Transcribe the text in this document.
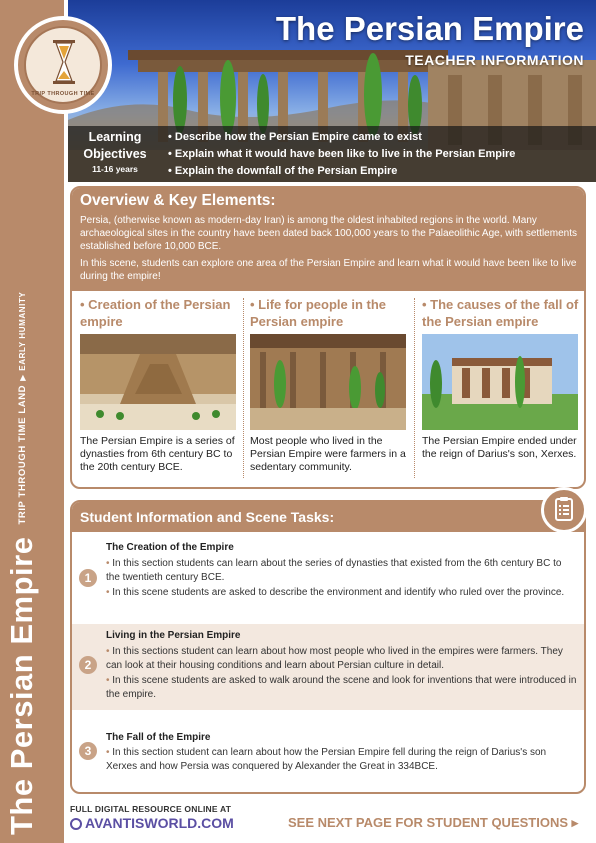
The Persian Empire
TRIP THROUGH TIME LAND
▶
EARLY HUMANITY
The Persian Empire
TEACHER INFORMATION
TRIP THROUGH TIME
Learning
Objectives
11-16 years
• Describe how the Persian Empire came to exist
• Explain what it would have been like to live in the Persian Empire
• Explain the downfall of the Persian Empire
Overview & Key Elements:

Persia, (otherwise known as modern-day Iran) is among the oldest inhabited regions in the world. Many archaeological sites in the country have been dated back 100,000 years to the Palaeolithic Age, with settlements established before 10,000 BCE.

In this scene, students can explore one area of the Persian Empire and learn what it would have been like to live during the empire!

• Creation of the Persian empire
The Persian Empire is a series of dynasties from 6th century BC to the 20th century BCE.
• Life for people in the Persian empire
Most people who lived in the Persian Empire were farmers in a sedentary community.
• The causes of the fall of the Persian empire
The Persian Empire ended under the reign of Darius's son, Xerxes.
Student Information and Scene Tasks:
1
The Creation of the Empire
• In this section students can learn about the series of dynasties that existed from the 6th century BC to the twentieth century BCE.
• In this scene students are asked to describe the environment and identify who ruled over the province.
2
Living in the Persian Empire
• In this sections student can learn about how most people who lived in the empires were farmers. They can look at their housing conditions and learn about Persian culture in detail.
• In this scene students are asked to walk around the scene and look for inventions that were introduced in the empire.
3
The Fall of the Empire
• In this section student can learn about how the Persian Empire fell during the reign of Darius's son Xerxes and how Persia was conquered by Alexander the Great in 334BCE.
FULL DIGITAL RESOURCE ONLINE AT
AVANTISWORLD.COM	SEE NEXT PAGE FOR STUDENT QUESTIONS ▸
